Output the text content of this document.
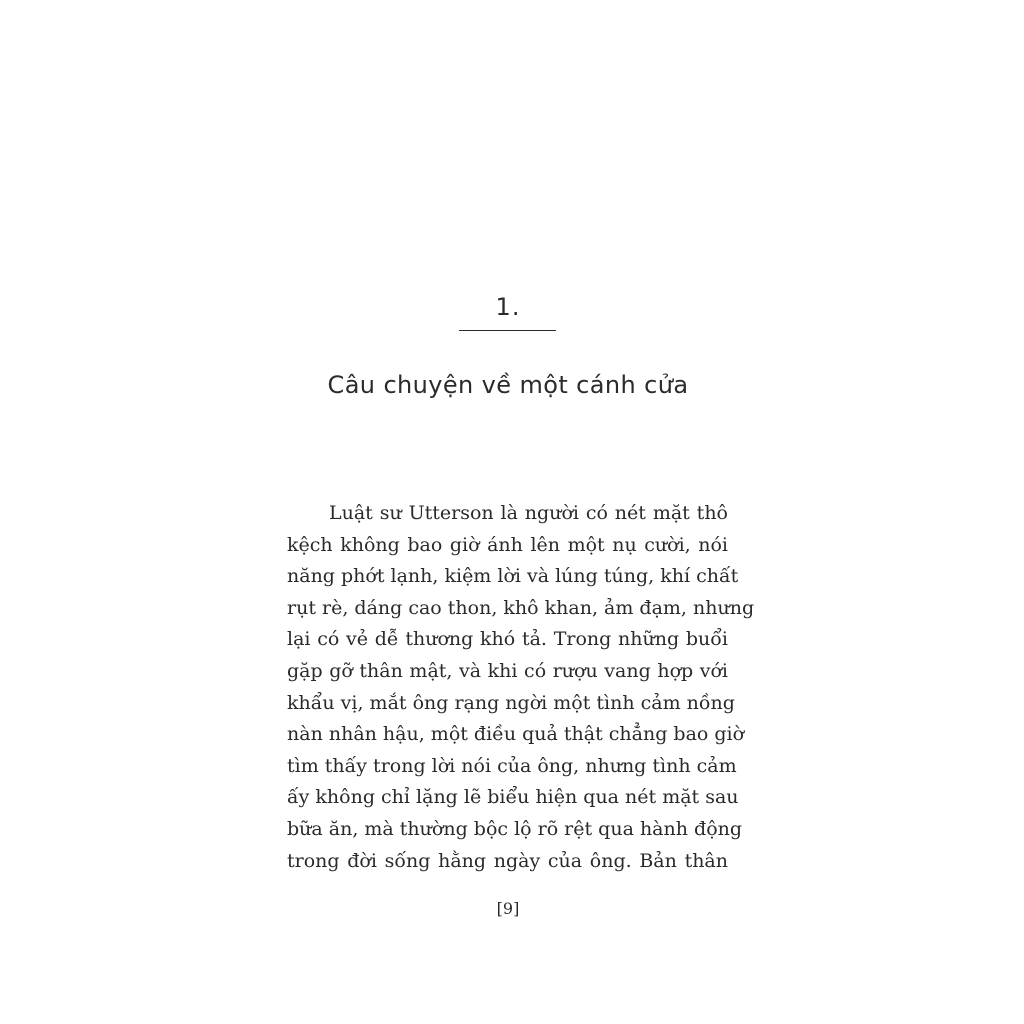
1.
Câu chuyện về một cánh cửa
Luật sư Utterson là người có nét mặt thô
kệch không bao giờ ánh lên một nụ cười, nói
năng phớt lạnh, kiệm lời và lúng túng, khí chất
rụt rè, dáng cao thon, khô khan, ảm đạm, nhưng
lại có vẻ dễ thương khó tả. Trong những buổi
gặp gỡ thân mật, và khi có rượu vang hợp với
khẩu vị, mắt ông rạng ngời một tình cảm nồng
nàn nhân hậu, một điều quả thật chẳng bao giờ
tìm thấy trong lời nói của ông, nhưng tình cảm
ấy không chỉ lặng lẽ biểu hiện qua nét mặt sau
bữa ăn, mà thường bộc lộ rõ rệt qua hành động
trong đời sống hằng ngày của ông. Bản thân
[9]
